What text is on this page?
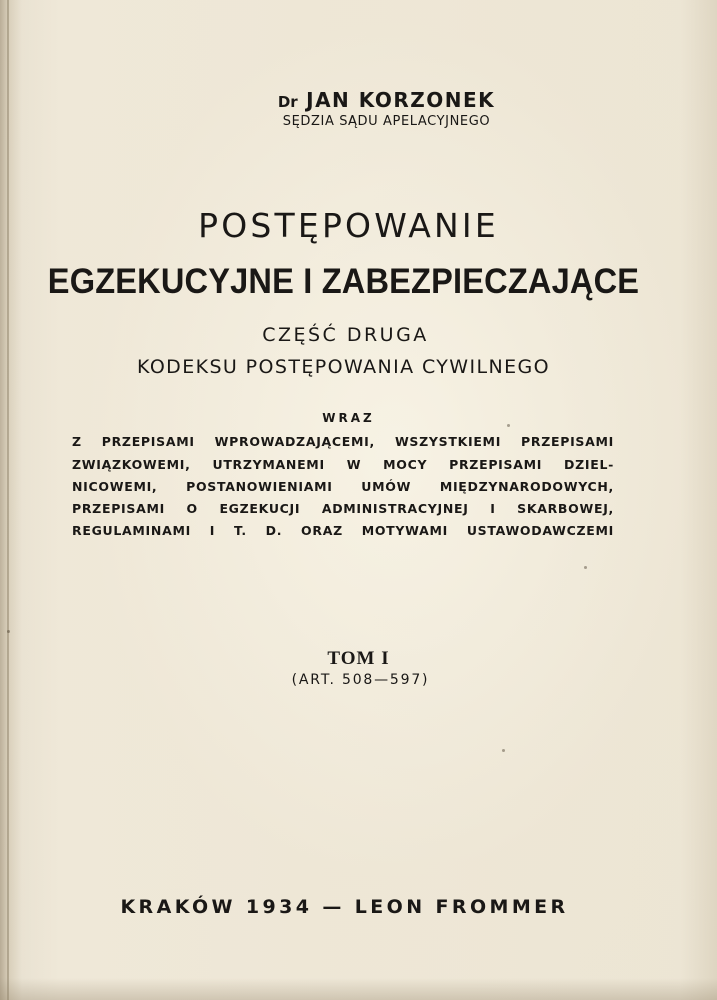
Dr JAN KORZONEK

SĘDZIA SĄDU APELACYJNEGO

POSTĘPOWANIE
EGZEKUCYJNE I ZABEZPIECZAJĄCE

CZĘŚĆ DRUGA

KODEKSU POSTĘPOWANIA CYWILNEGO

WRAZ

Z PRZEPISAMI WPROWADZAJĄCEMI, WSZYSTKIEMI PRZEPISAMI

ZWIĄZKOWEMI, UTRZYMANEMI W MOCY PRZEPISAMI DZIEL-

NICOWEMI, POSTANOWIENIAMI UMÓW MIĘDZYNARODOWYCH,

PRZEPISAMI O EGZEKUCJI ADMINISTRACYJNEJ I SKARBOWEJ,

REGULAMINAMI I T. D. ORAZ MOTYWAMI USTAWODAWCZEMI

TOM I

(ART. 508—597)

KRAKÓW 1934 — LEON FROMMER
